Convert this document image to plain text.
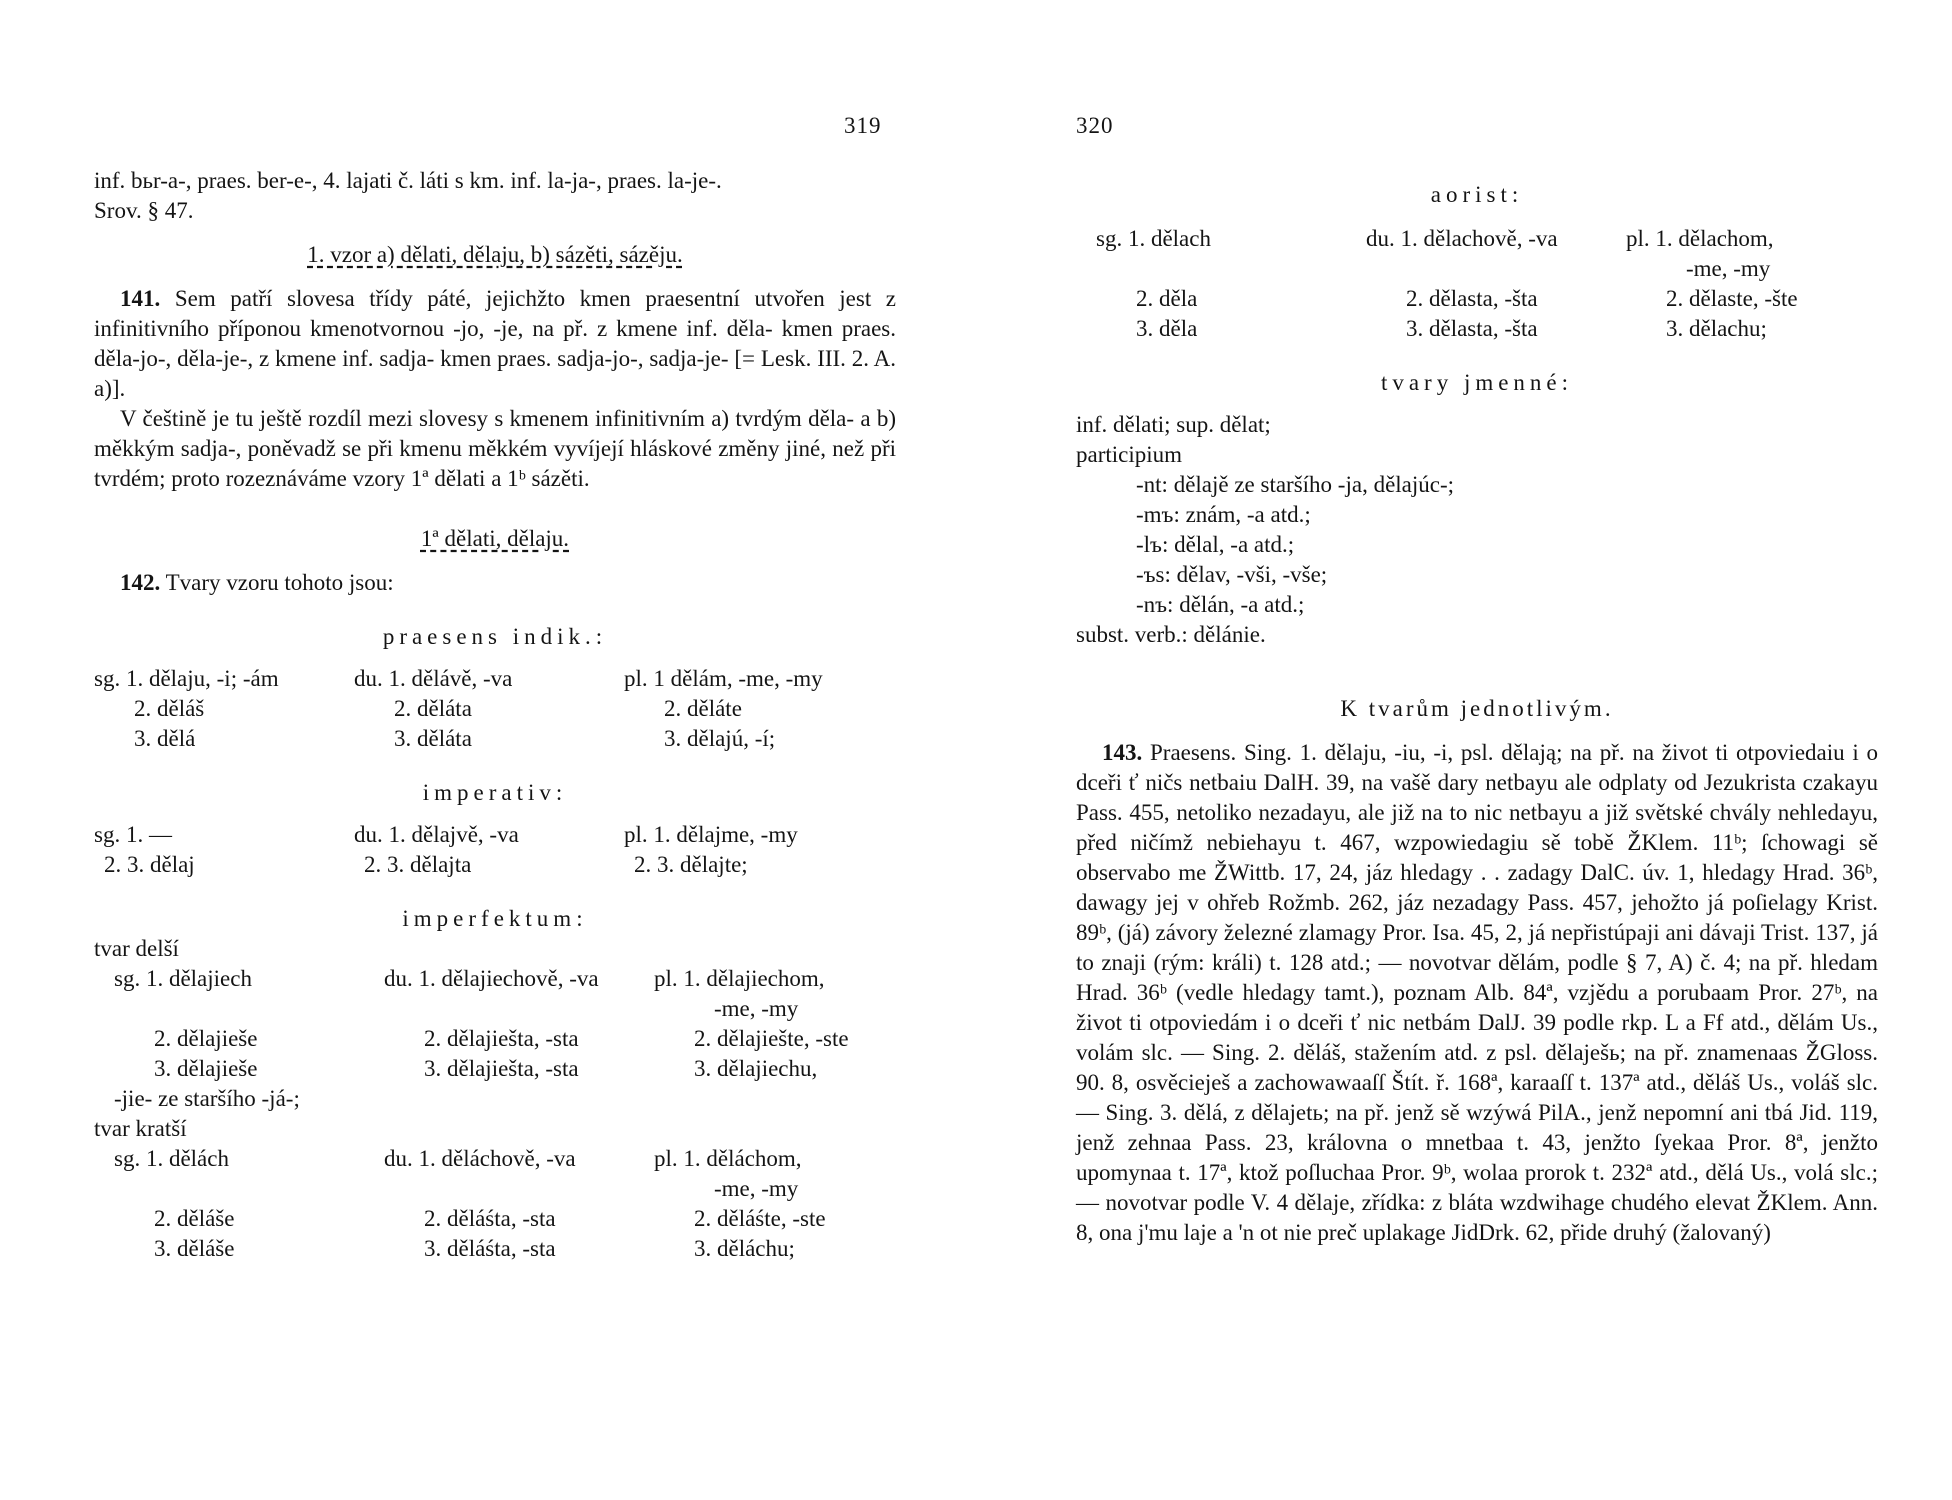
319
inf. bьr-a-, praes. ber-e-, 4. lajati č. láti s km. inf. la-ja-, praes. la-je-.
Srov. § 47.
1. vzor a) dělati, dělaju, b) sázěti, sázěju.
141. Sem patří slovesa třídy páté, jejichžto kmen praesentní utvořen jest z infinitivního příponou kmenotvornou -jo, -je, na př. z kmene inf. děla- kmen praes. děla-jo-, děla-je-, z kmene inf. sadja- kmen praes. sadja-jo-, sadja-je- [= Lesk. III. 2. A. a)].
V češtině je tu ještě rozdíl mezi slovesy s kmenem infinitivním a) tvrdým děla- a b) měkkým sadja-, poněvadž se při kmenu měkkém vyvíjejí hláskové změny jiné, než při tvrdém; proto rozeznáváme vzory 1ª dělati a 1ᵇ sázěti.
1ª dělati, dělaju.
142. Tvary vzoru tohoto jsou:
praesens indik.:
sg. 1. dělaju, -i; -ám	du. 1. dělávě, -va	pl. 1 dělám, -me, -my
2. děláš	2. děláta	2. děláte
3. dělá	3. děláta	3. dělajú, -í;
imperativ:
sg. 1. —	du. 1. dělajvě, -va	pl. 1. dělajme, -my
2. 3. dělaj	2. 3. dělajta	2. 3. dělajte;
imperfektum:
tvar delší
sg. 1. dělajiech	du. 1. dělajiechově, -va	pl. 1. dělajiechom,
		-me, -my
2. dělajieše	2. dělajiešta, -sta	2. dělajiešte, -ste
3. dělajieše	3. dělajiešta, -sta	3. dělajiechu,
-jie- ze staršího -já-;
tvar kratší
sg. 1. dělách	du. 1. děláchově, -va	pl. 1. děláchom,
		-me, -my
2. děláše	2. děláśta, -sta	2. děláśte, -ste
3. děláše	3. děláśta, -sta	3. děláchu;
320
aorist:
sg. 1. dělach	du. 1. dělachově, -va	pl. 1. dělachom,
		-me, -my
2. děla	2. dělasta, -šta	2. dělaste, -šte
3. děla	3. dělasta, -šta	3. dělachu;
tvary jmenné:
inf. dělati; sup. dělat;
participium
-nt: dělajě ze staršího -ja, dělajúc-;
-mъ: znám, -a atd.;
-lъ: dělal, -a atd.;
-ъs: dělav, -vši, -vše;
-nъ: dělán, -a atd.;
subst. verb.: dělánie.
K tvarům jednotlivým.
143. Praesens. Sing. 1. dělaju, -iu, -i, psl. dělają; na př. na život ti otpoviedaiu i o dceři ť ničs netbaiu DalH. 39, na vašě dary netbayu ale odplaty od Jezukrista czakayu Pass. 455, netoliko nezadayu, ale již na to nic netbayu a již světské chvály nehledayu, před ničímž nebiehayu t. 467, wzpowiedagiu sě tobě ŽKlem. 11ᵇ; ſchowagi sě observabo me ŽWittb. 17, 24, jáz hledagy . . zadagy DalC. úv. 1, hledagy Hrad. 36ᵇ, dawagy jej v ohřeb Rožmb. 262, jáz nezadagy Pass. 457, jehožto já poſielagy Krist. 89ᵇ, (já) závory železné zlamagy Pror. Isa. 45, 2, já nepřistúpaji ani dávaji Trist. 137, já to znaji (rým: králi) t. 128 atd.; — novotvar dělám, podle § 7, A) č. 4; na př. hledam Hrad. 36ᵇ (vedle hledagy tamt.), poznam Alb. 84ª, vzjědu a porubaam Pror. 27ᵇ, na život ti otpoviedám i o dceři ť nic netbám DalJ. 39 podle rkp. L a Ff atd., dělám Us., volám slc. — Sing. 2. děláš, stažením atd. z psl. dělaješь; na př. znamenaas ŽGloss. 90. 8, osvěcieješ a zachowawaaſſ Štít. ř. 168ª, karaaſſ t. 137ª atd., děláš Us., voláš slc. — Sing. 3. dělá, z dělajetь; na př. jenž sě wzýwá PilA., jenž nepomní ani tbá Jid. 119, jenž zehnaa Pass. 23, královna o mnetbaa t. 43, jenžto ſyekaa Pror. 8ª, jenžto upomynaa t. 17ª, ktož poſluchaa Pror. 9ᵇ, wolaa prorok t. 232ª atd., dělá Us., volá slc.; — novotvar podle V. 4 dělaje, zřídka: z bláta wzdwihage chudého elevat ŽKlem. Ann. 8, ona j'mu laje a 'n ot nie preč uplakage JidDrk. 62, přide druhý (žalovaný)
